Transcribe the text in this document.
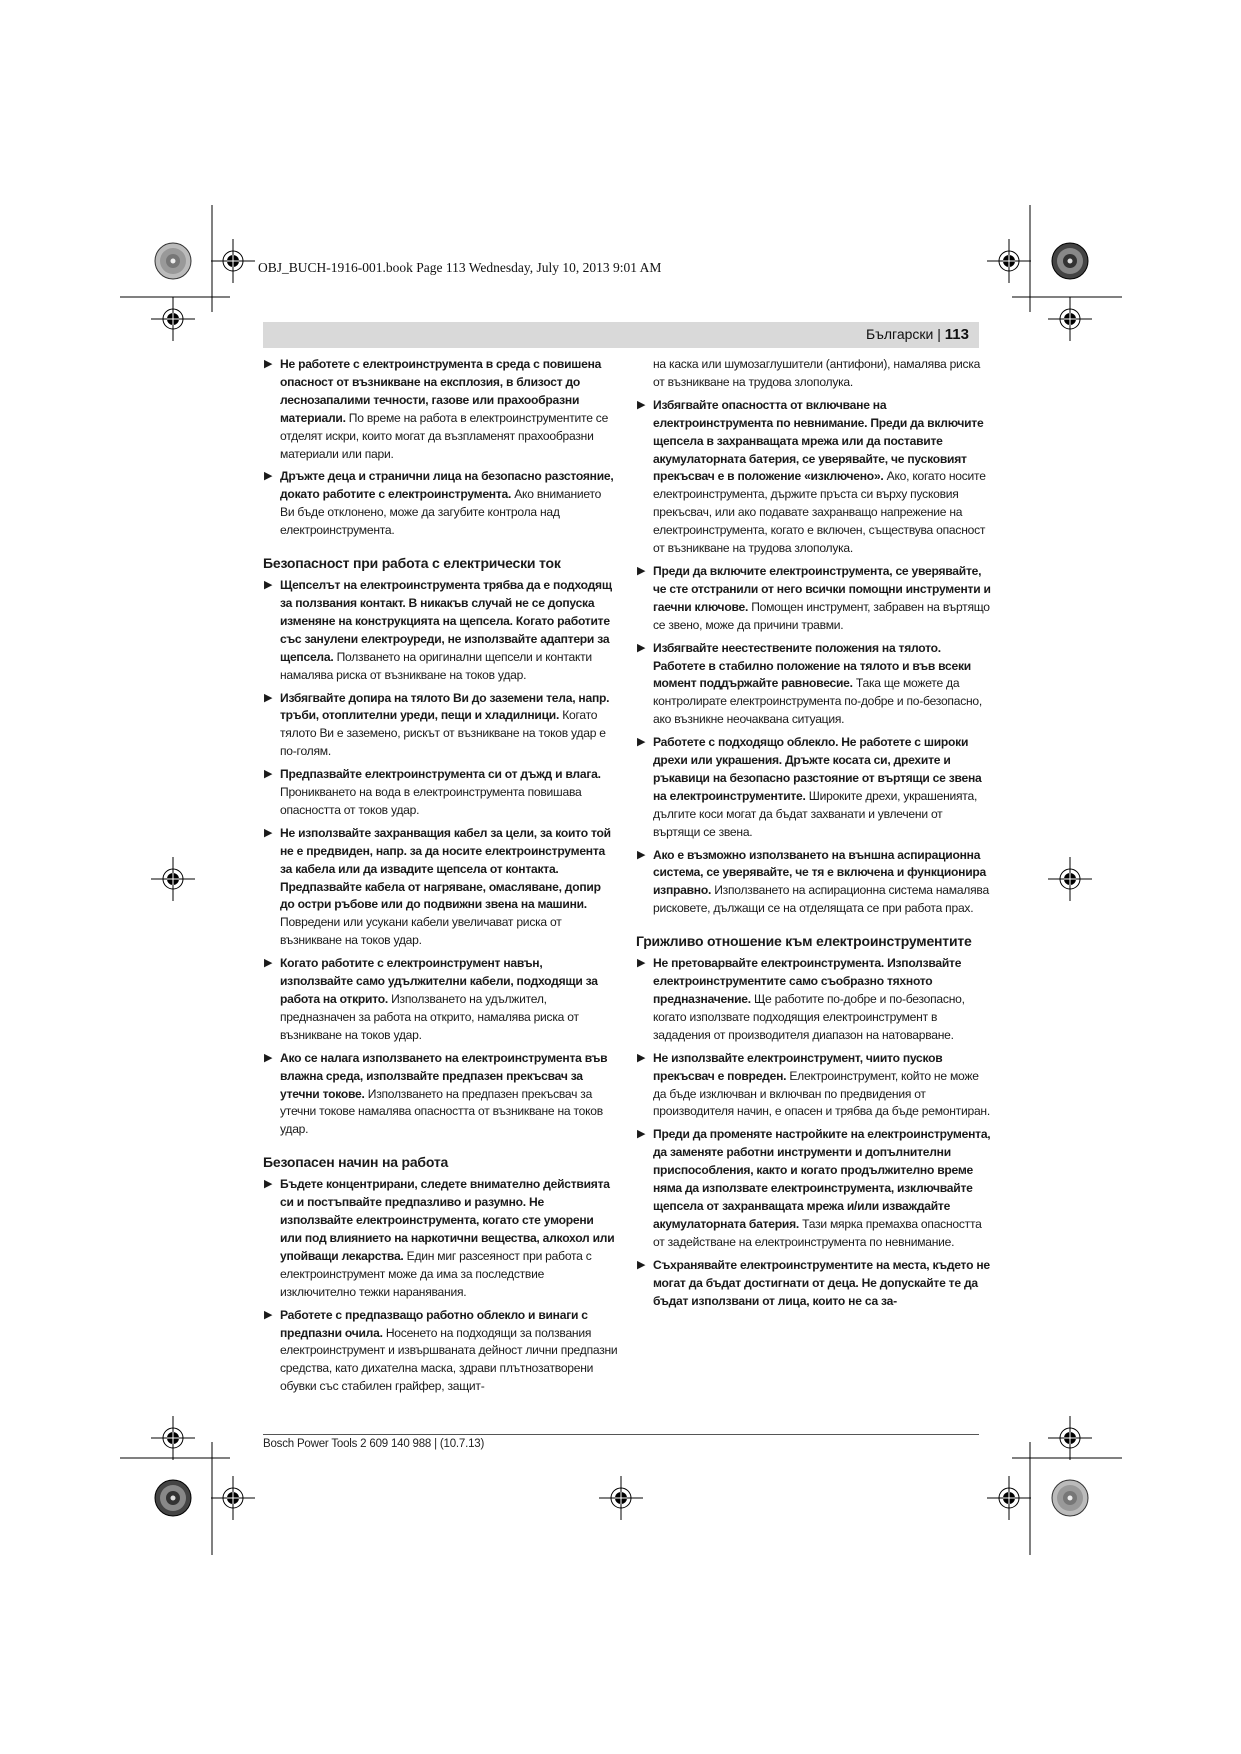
OBJ_BUCH-1916-001.book Page 113 Wednesday, July 10, 2013 9:01 AM
Български | 113
▶ Не работете с електроинструмента в среда с повишена опасност от възникване на експлозия, в близост до леснозапалими течности, газове или прахообразни материали. По време на работа в електроинструментите се отделят искри, които могат да възпламенят прахообразни материали или пари.
▶ Дръжте деца и странични лица на безопасно разстояние, докато работите с електроинструмента. Ако вниманието Ви бъде отклонено, може да загубите контрола над електроинструмента.
Безопасност при работа с електрически ток
▶ Щепселът на електроинструмента трябва да е подходящ за ползвания контакт. В никакъв случай не се допуска изменяне на конструкцията на щепсела. Когато работите със занулени електроуреди, не използвайте адаптери за щепсела. Ползването на оригинални щепсели и контакти намалява риска от възникване на токов удар.
▶ Избягвайте допира на тялото Ви до заземени тела, напр. тръби, отоплителни уреди, пещи и хладилници. Когато тялото Ви е заземено, рискът от възникване на токов удар е по-голям.
▶ Предпазвайте електроинструмента си от дъжд и влага. Проникването на вода в електроинструмента повишава опасността от токов удар.
▶ Не използвайте захранващия кабел за цели, за които той не е предвиден, напр. за да носите електроинструмента за кабела или да извадите щепсела от контакта. Предпазвайте кабела от нагряване, омасляване, допир до остри ръбове или до подвижни звена на машини. Повредени или усукани кабели увеличават риска от възникване на токов удар.
▶ Когато работите с електроинструмент навън, използвайте само удължителни кабели, подходящи за работа на открито. Използването на удължител, предназначен за работа на открито, намалява риска от възникване на токов удар.
▶ Ако се налага използването на електроинструмента във влажна среда, използвайте предпазен прекъсвач за утечни токове. Използването на предпазен прекъсвач за утечни токове намалява опасността от възникване на токов удар.
Безопасен начин на работа
▶ Бъдете концентрирани, следете внимателно действията си и постъпвайте предпазливо и разумно. Не използвайте електроинструмента, когато сте уморени или под влиянието на наркотични вещества, алкохол или упойващи лекарства. Един миг разсеяност при работа с електроинструмент може да има за последствие изключително тежки наранявания.
▶ Работете с предпазващо работно облекло и винаги с предпазни очила. Носенето на подходящи за ползвания електроинструмент и извършваната дейност лични предпазни средства, като дихателна маска, здрави плътнозатворени обувки със стабилен грайфер, защит-
на каска или шумозаглушители (антифони), намалява риска от възникване на трудова злополука.
▶ Избягвайте опасността от включване на електроинструмента по невнимание. Преди да включите щепсела в захранващата мрежа или да поставите акумулаторната батерия, се уверявайте, че пусковият прекъсвач е в положение «изключено». Ако, когато носите електроинструмента, държите пръста си върху пусковия прекъсвач, или ако подавате захранващо напрежение на електроинструмента, когато е включен, съществува опасност от възникване на трудова злополука.
▶ Преди да включите електроинструмента, се уверявайте, че сте отстранили от него всички помощни инструменти и гаечни ключове. Помощен инструмент, забравен на въртящо се звено, може да причини травми.
▶ Избягвайте неестествените положения на тялото. Работете в стабилно положение на тялото и във всеки момент поддържайте равновесие. Така ще можете да контролирате електроинструмента по-добре и по-безопасно, ако възникне неочаквана ситуация.
▶ Работете с подходящо облекло. Не работете с широки дрехи или украшения. Дръжте косата си, дрехите и ръкавици на безопасно разстояние от въртящи се звена на електроинструментите. Широките дрехи, украшенията, дългите коси могат да бъдат захванати и увлечени от въртящи се звена.
▶ Ако е възможно използването на външна аспирационна система, се уверявайте, че тя е включена и функционира изправно. Използването на аспирационна система намалява рисковете, дължащи се на отделящата се при работа прах.
Грижливо отношение към електроинструментите
▶ Не претоварвайте електроинструмента. Използвайте електроинструментите само съобразно тяхното предназначение. Ще работите по-добре и по-безопасно, когато използвате подходящия електроинструмент в зададения от производителя диапазон на натоварване.
▶ Не използвайте електроинструмент, чиито пусков прекъсвач е повреден. Електроинструмент, който не може да бъде изключван и включван по предвидения от производителя начин, е опасен и трябва да бъде ремонтиран.
▶ Преди да променяте настройките на електроинструмента, да заменяте работни инструменти и допълнителни приспособления, както и когато продължително време няма да използвате електроинструмента, изключвайте щепсела от захранващата мрежа и/или изваждайте акумулаторната батерия. Тази мярка премахва опасността от задействане на електроинструмента по невнимание.
▶ Съхранявайте електроинструментите на места, където не могат да бъдат достигнати от деца. Не допускайте те да бъдат използвани от лица, които не са за-
Bosch Power Tools 2 609 140 988 | (10.7.13)
